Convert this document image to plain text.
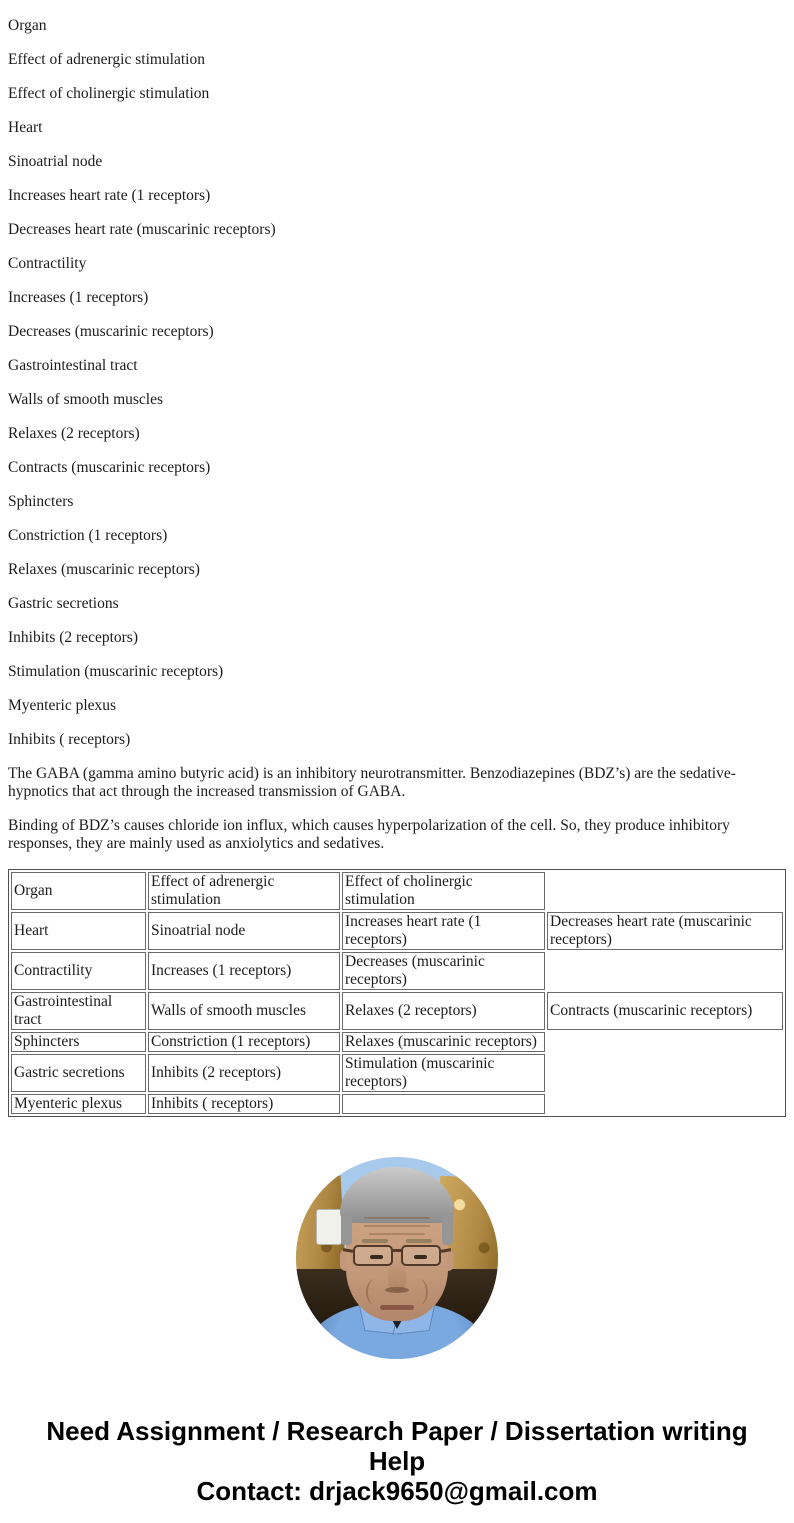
Organ

Effect of adrenergic stimulation

Effect of cholinergic stimulation

Heart

Sinoatrial node

Increases heart rate (1 receptors)

Decreases heart rate (muscarinic receptors)

Contractility

Increases (1 receptors)

Decreases (muscarinic receptors)

Gastrointestinal tract

Walls of smooth muscles

Relaxes (2 receptors)

Contracts (muscarinic receptors)

Sphincters

Constriction (1 receptors)

Relaxes (muscarinic receptors)

Gastric secretions

Inhibits (2 receptors)

Stimulation (muscarinic receptors)

Myenteric plexus

Inhibits ( receptors)

The GABA (gamma amino butyric acid) is an inhibitory neurotransmitter. Benzodiazepines (BDZ’s) are the sedative-hypnotics that act through the increased transmission of GABA.

Binding of BDZ’s causes chloride ion influx, which causes hyperpolarization of the cell. So, they produce inhibitory responses, they are mainly used as anxiolytics and sedatives.

Organ	Effect of adrenergic stimulation	Effect of cholinergic stimulation	
Heart	Sinoatrial node	Increases heart rate (1 receptors)	Decreases heart rate (muscarinic receptors)
Contractility	Increases (1 receptors)	Decreases (muscarinic receptors)	
Gastrointestinal tract	Walls of smooth muscles	Relaxes (2 receptors)	Contracts (muscarinic receptors)
Sphincters	Constriction (1 receptors)	Relaxes (muscarinic receptors)	
Gastric secretions	Inhibits (2 receptors)	Stimulation (muscarinic receptors)	
Myenteric plexus	Inhibits ( receptors)		
Need Assignment / Research Paper / Dissertation writing Help
Contact: drjack9650@gmail.com
